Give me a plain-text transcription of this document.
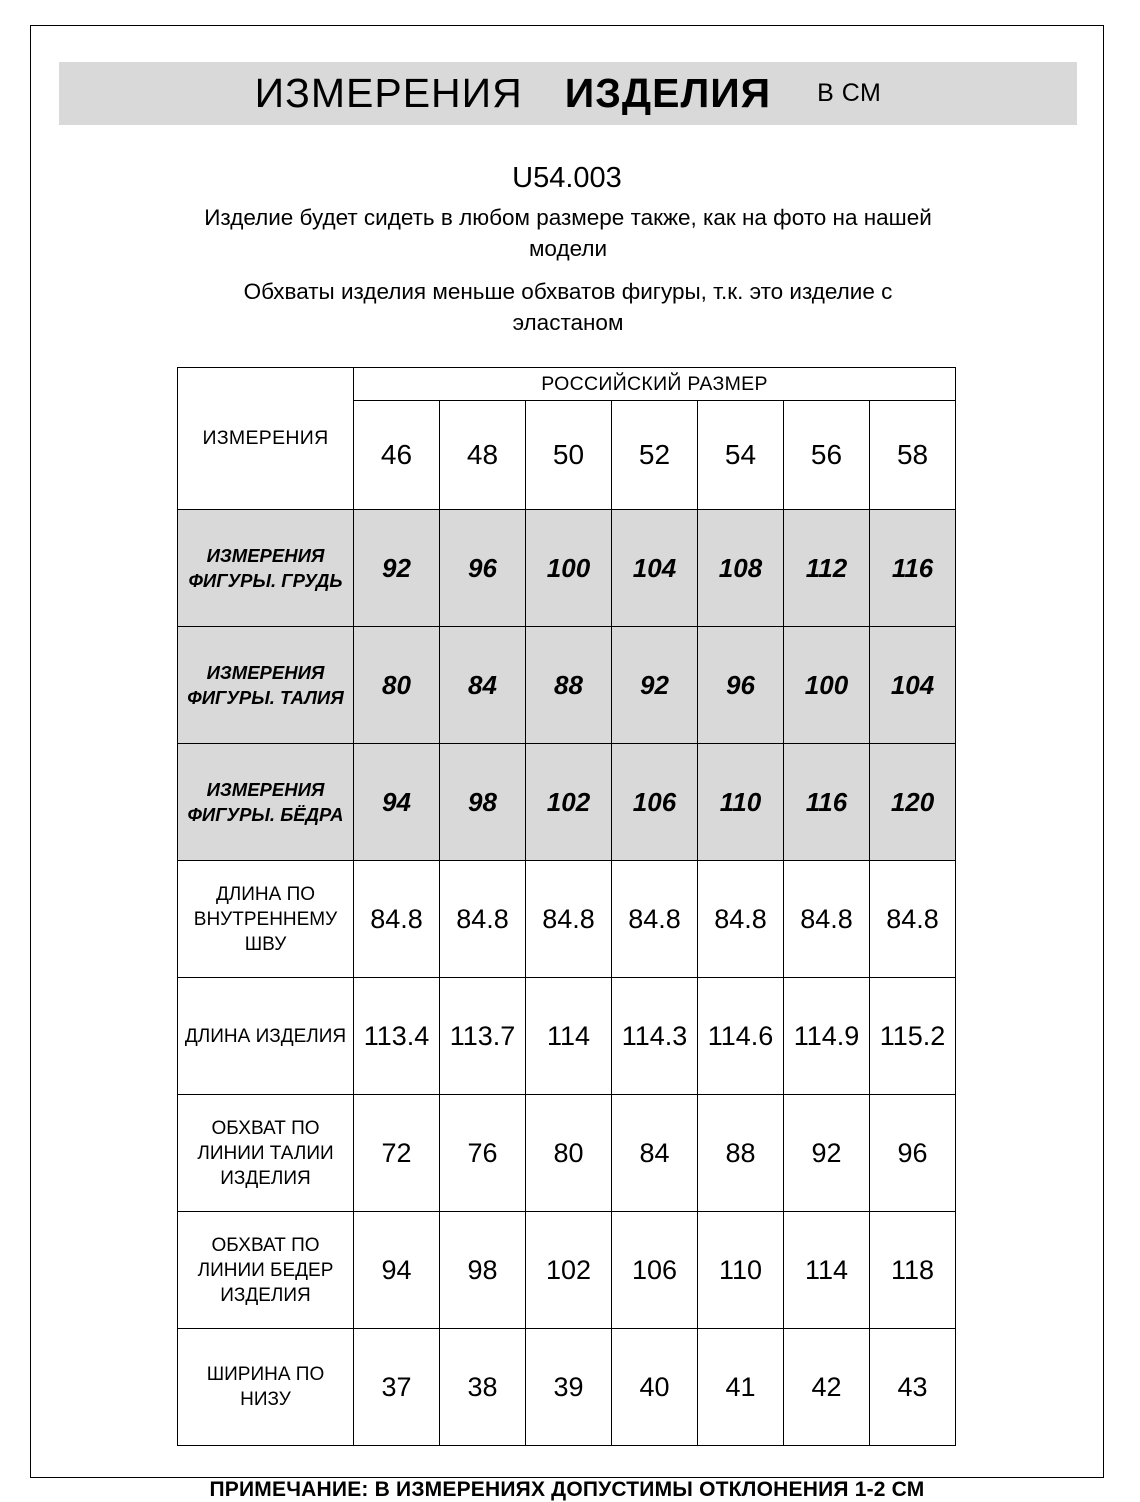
ИЗМЕРЕНИЯ ИЗДЕЛИЯ В СМ
U54.003
Изделие будет сидеть в любом размере также, как на фото на нашей модели
Обхваты изделия меньше обхватов фигуры, т.к. это изделие с эластаном
ИЗМЕРЕНИЯ	РОССИЙСКИЙ РАЗМЕР						
	46	48	50	52	54	56	58
ИЗМЕРЕНИЯ ФИГУРЫ. ГРУДЬ	92	96	100	104	108	112	116
ИЗМЕРЕНИЯ ФИГУРЫ. ТАЛИЯ	80	84	88	92	96	100	104
ИЗМЕРЕНИЯ ФИГУРЫ. БЁДРА	94	98	102	106	110	116	120
ДЛИНА ПО ВНУТРЕННЕМУ ШВУ	84.8	84.8	84.8	84.8	84.8	84.8	84.8
ДЛИНА ИЗДЕЛИЯ	113.4	113.7	114	114.3	114.6	114.9	115.2
ОБХВАТ ПО ЛИНИИ ТАЛИИ ИЗДЕЛИЯ	72	76	80	84	88	92	96
ОБХВАТ ПО ЛИНИИ БЕДЕР ИЗДЕЛИЯ	94	98	102	106	110	114	118
ШИРИНА ПО НИЗУ	37	38	39	40	41	42	43
ПРИМЕЧАНИЕ: В ИЗМЕРЕНИЯХ ДОПУСТИМЫ ОТКЛОНЕНИЯ 1-2 СМ
